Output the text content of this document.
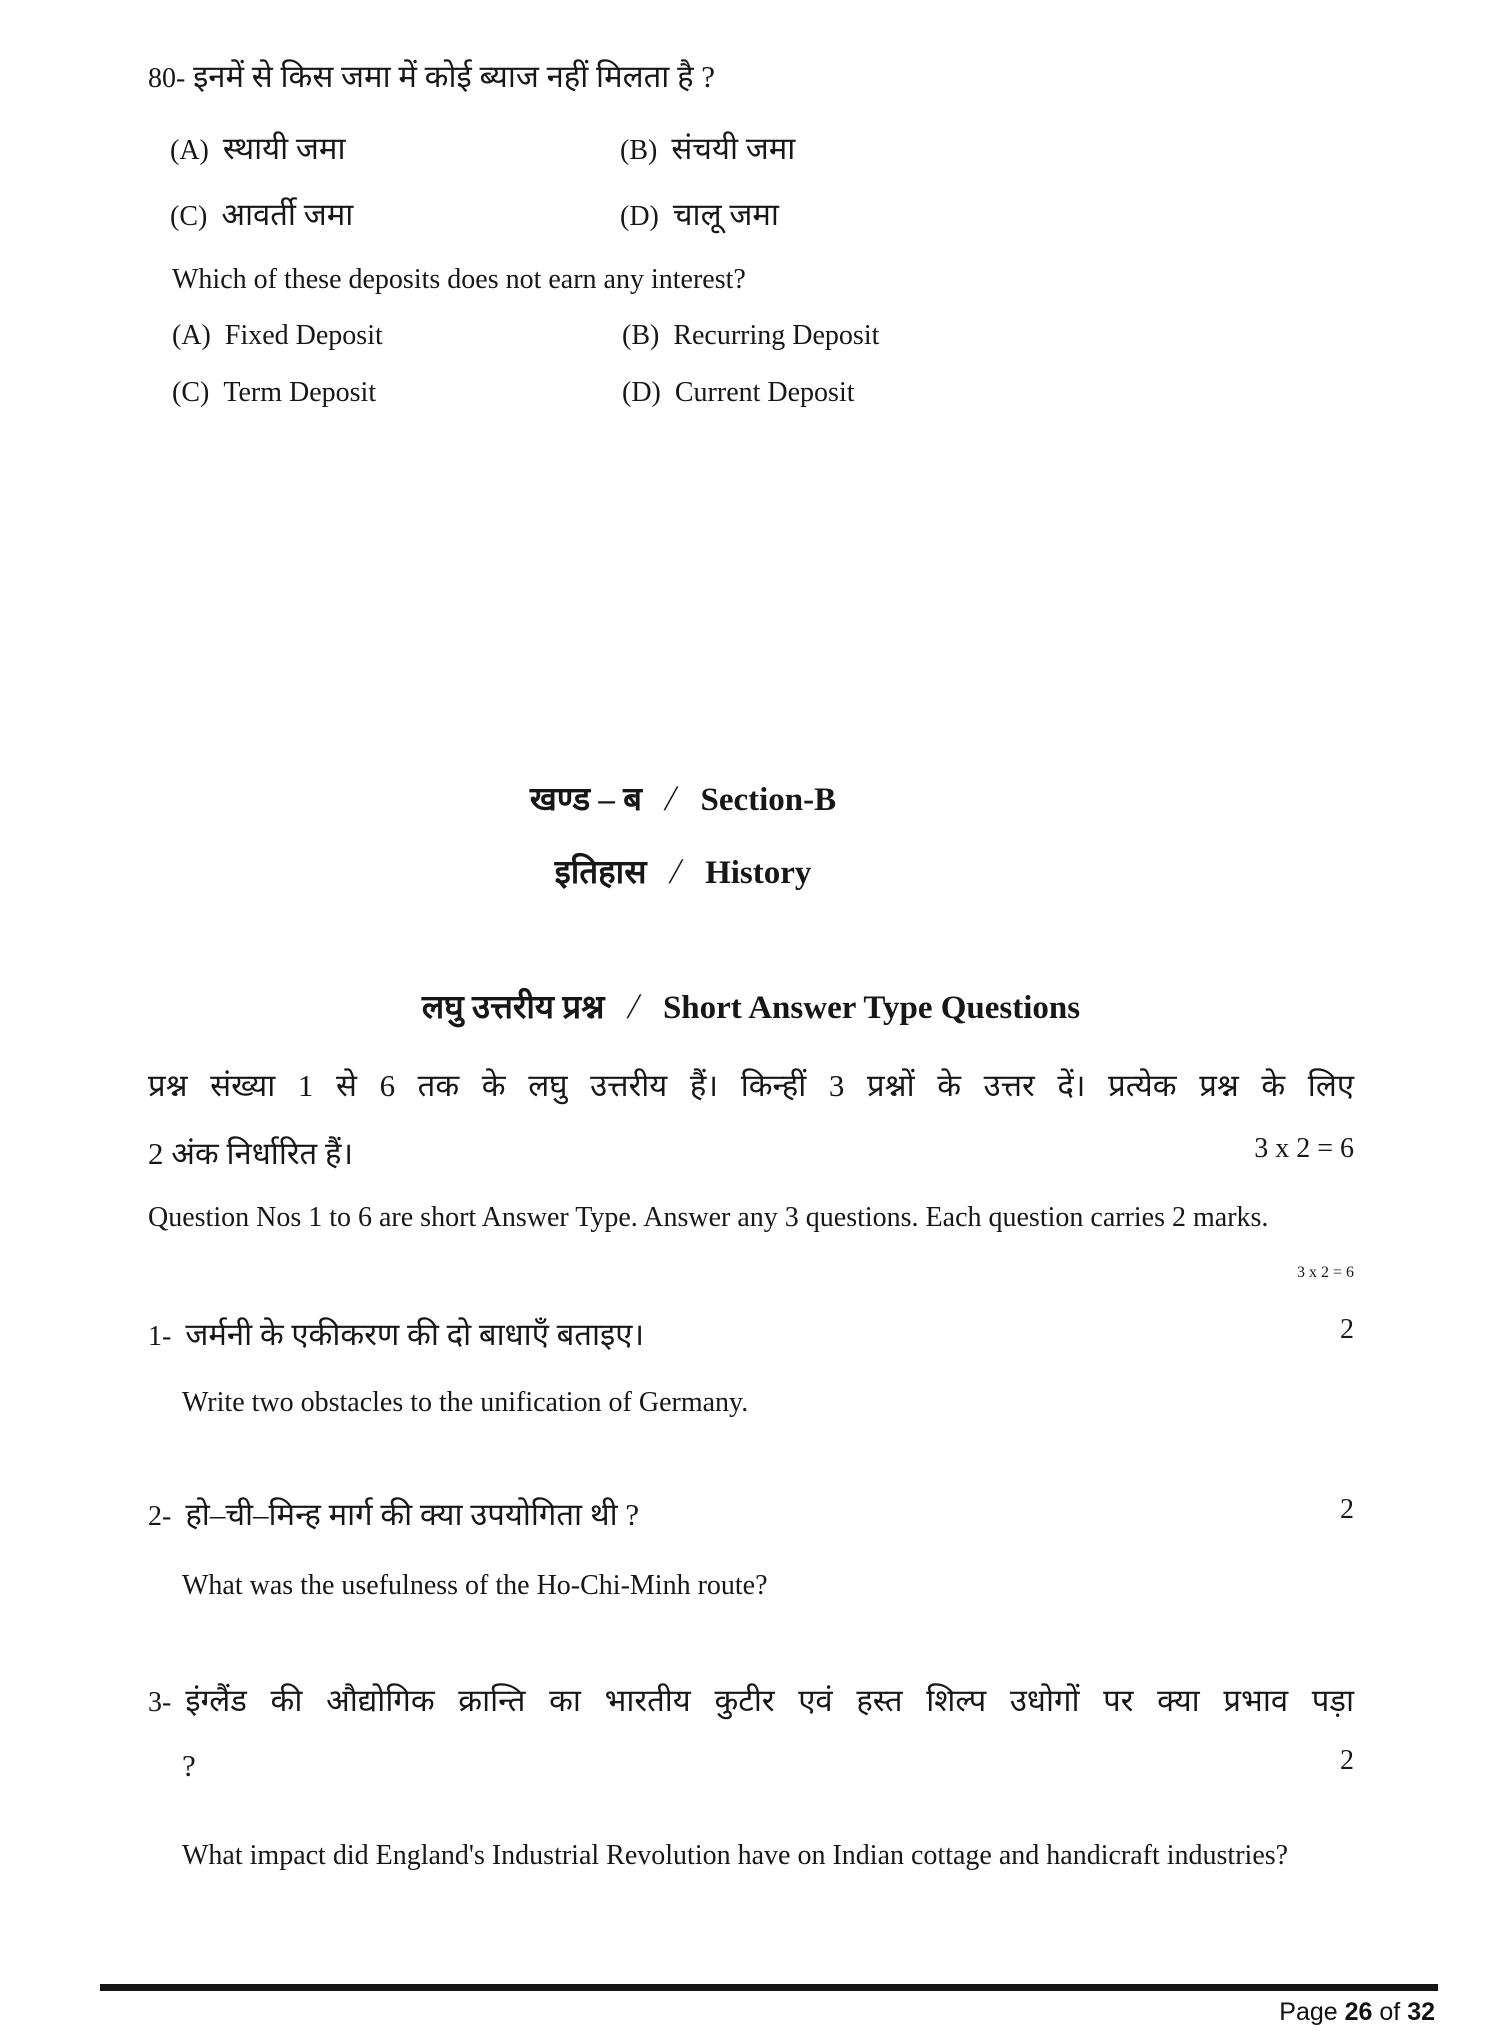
80- इनमें से किस जमा में कोई ब्याज नहीं मिलता है ?
(A) स्थायी जमा	(B) संचयी जमा
(C) आवर्ती जमा	(D) चालू जमा
Which of these deposits does not earn any interest?
(A) Fixed Deposit	(B) Recurring Deposit
(C) Term Deposit	(D) Current Deposit
खण्ड – ब / Section-B
इतिहास / History
लघु उत्तरीय प्रश्न / Short Answer Type Questions
प्रश्न संख्या 1 से 6 तक के लघु उत्तरीय हैं। किन्हीं 3 प्रश्नों के उत्तर दें। प्रत्येक प्रश्न के लिए
2 अंक निर्धारित हैं।	3 x 2 = 6
Question Nos 1 to 6 are short Answer Type. Answer any 3 questions. Each question carries 2 marks.
3 x 2 = 6
1- जर्मनी के एकीकरण की दो बाधाएँ बताइए।	2
Write two obstacles to the unification of Germany.
2- हो–ची–मिन्ह मार्ग की क्या उपयोगिता थी ?	2
What was the usefulness of the Ho-Chi-Minh route?
3- इंग्लैंड की औद्योगिक क्रान्ति का भारतीय कुटीर एवं हस्त शिल्प उधोगों पर क्या प्रभाव पड़ा
?	2
What impact did England's Industrial Revolution have on Indian cottage and handicraft industries?
Page 26 of 32
